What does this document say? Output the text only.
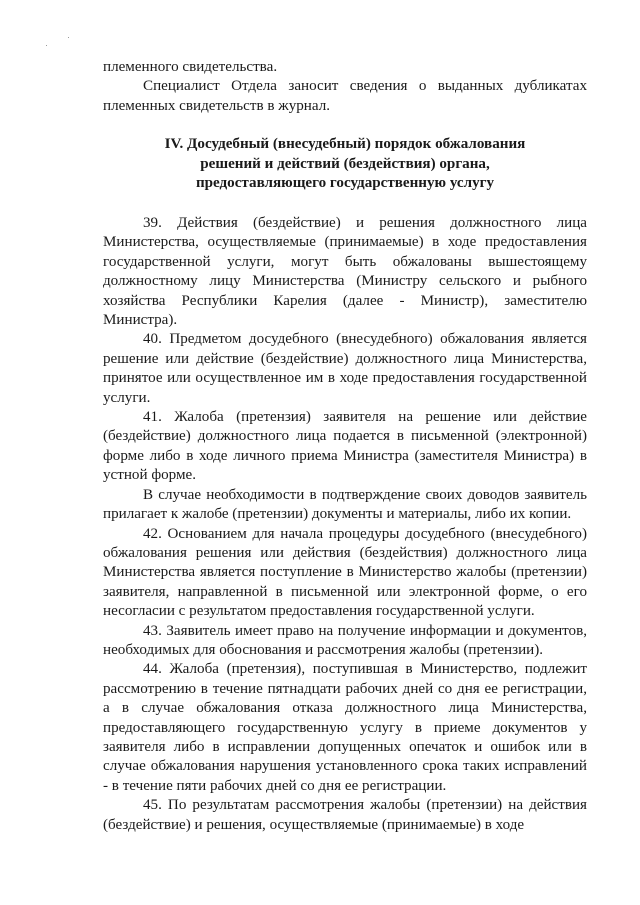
племенного свидетельства.

Специалист Отдела заносит сведения о выданных дубликатах племенных свидетельств в журнал.

IV. Досудебный (внесудебный) порядок обжалования
решений и действий (бездействия) органа,
предоставляющего государственную услугу

39. Действия (бездействие) и решения должностного лица Министерства, осуществляемые (принимаемые) в ходе предоставления государственной услуги, могут быть обжалованы вышестоящему должностному лицу Министерства (Министру сельского и рыбного хозяйства Республики Карелия (далее - Министр), заместителю Министра).

40. Предметом досудебного (внесудебного) обжалования является решение или действие (бездействие) должностного лица Министерства, принятое или осуществленное им в ходе предоставления государственной услуги.

41. Жалоба (претензия) заявителя на решение или действие (бездействие) должностного лица подается в письменной (электронной) форме либо в ходе личного приема Министра (заместителя Министра) в устной форме.

В случае необходимости в подтверждение своих доводов заявитель прилагает к жалобе (претензии) документы и материалы, либо их копии.

42. Основанием для начала процедуры досудебного (внесудебного) обжалования решения или действия (бездействия) должностного лица Министерства является поступление в Министерство жалобы (претензии) заявителя, направленной в письменной или электронной форме, о его несогласии с результатом предоставления государственной услуги.

43. Заявитель имеет право на получение информации и документов, необходимых для обоснования и рассмотрения жалобы (претензии).

44. Жалоба (претензия), поступившая в Министерство, подлежит рассмотрению в течение пятнадцати рабочих дней со дня ее регистрации, а в случае обжалования отказа должностного лица Министерства, предоставляющего государственную услугу в приеме документов у заявителя либо в исправлении допущенных опечаток и ошибок или в случае обжалования нарушения установленного срока таких исправлений - в течение пяти рабочих дней со дня ее регистрации.

45. По результатам рассмотрения жалобы (претензии) на действия (бездействие) и решения, осуществляемые (принимаемые) в ходе
